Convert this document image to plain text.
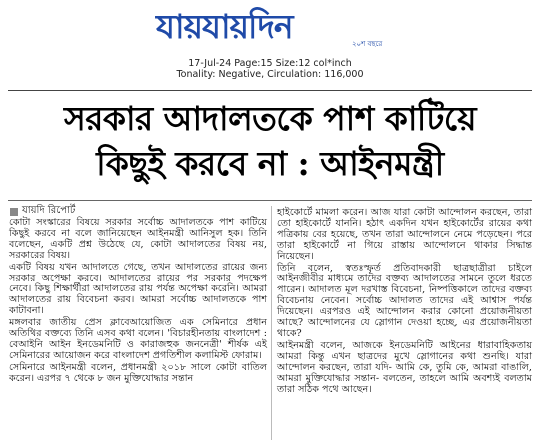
যায়যায়দিন	২০শ বছরে
17-Jul-24 Page:15 Size:12 col*inch
Tonality: Negative, Circulation: 116,000
সরকার আদালতকে পাশ কাটিয়ে
কিছুই করবে না : আইনমন্ত্রী
যায়দি রিপোর্ট

কোটা সংস্কারের বিষয়ে সরকার সর্বোচ্চ আদালতকে পাশ কাটিয়ে কিছুই করবে না বলে জানিয়েছেন আইনমন্ত্রী আনিসুল হক। তিনি বলেছেন, একটি প্রশ্ন উঠেছে যে, কোটা আদালতের বিষয় নয়, সরকারের বিষয়।

একটি বিষয় যখন আদালতে গেছে, তখন আদালতের রায়ের জন্য সরকার অপেক্ষা করবে। আদালতের রায়ের পর সরকার পদক্ষেপ নেবে। কিছু শিক্ষার্থীরা আদালতের রায় পর্যন্ত অপেক্ষা করেনি। আমরা আদালতের রায় বিবেচনা করব। আমরা সর্বোচ্চ আদালতকে পাশ কাটাবনা।

মঙ্গলবার জাতীয় প্রেস ক্লাবেআয়োজিত এক সেমিনারে প্রধান অতিথির বক্তব্যে তিনি এসব কথা বলেন। 'বিচারহীনতায় বাংলাদেশ : বেআইনি আইন ইনডেমনিটি ও কারাজহুক জননেত্রী' শীর্ষক এই সেমিনারের আয়োজন করে বাংলাদেশ প্রগতিশীল কলামিস্ট ফোরাম।

সেমিনারে আইনমন্ত্রী বলেন, প্রধানমন্ত্রী ২০১৮ সালে কোটা বাতিল করেন। এরপর ৭ থেকে ৮ জন মুক্তিযোদ্ধার সন্তান

হাইকোর্টে মামলা করেন। আজ যারা কোটা আন্দোলন করছেন, তারা তো হাইকোর্টে যাননি। হঠাৎ একদিন যখন হাইকোর্টের রায়ের কথা পত্রিকায় বের হয়েছে, তখন তারা আন্দোলনে নেমে পড়েছেন। পরে তারা হাইকোর্টে না গিয়ে রাস্তায় আন্দোলনে থাকার সিদ্ধান্ত নিয়েছেন।

তিনি বলেন, স্বতঃস্ফূর্ত প্রতিবাদকারী ছাত্রছাত্রীরা চাইলে আইনজীবীর মাধ্যমে তাদের বক্তব্য আদালতের সামনে তুলে ধরতে পারেন। আদালত মূল দরখাস্ত বিবেচনা, নিষ্পত্তিকালে তাদের বক্তব্য বিবেচনায় নেবেন। সর্বোচ্চ আদালত তাদের এই আশ্বাস পর্যন্ত দিয়েছেন। এরপরও এই আন্দোলন করার কোনো প্রয়োজনীয়তা আছে? আন্দোলনের যে স্লোগান দেওয়া হচ্ছে, এর প্রয়োজনীয়তা থাকে?

আইনমন্ত্রী বলেন, আজকে ইনডেমনিটি আইনের ধারাবাহিকতায় আমরা কিন্তু এখন ছাত্রদের মুখে স্লোগানের কথা শুনছি। যারা আন্দোলন করছেন, তারা যদি- আমি কে, তুমি কে, আমরা বাঙালি, আমরা মুক্তিযোদ্ধার সন্তান- বলতেন, তাহলে আমি অবশ্যই বলতাম তারা সঠিক পথে আছেন।
